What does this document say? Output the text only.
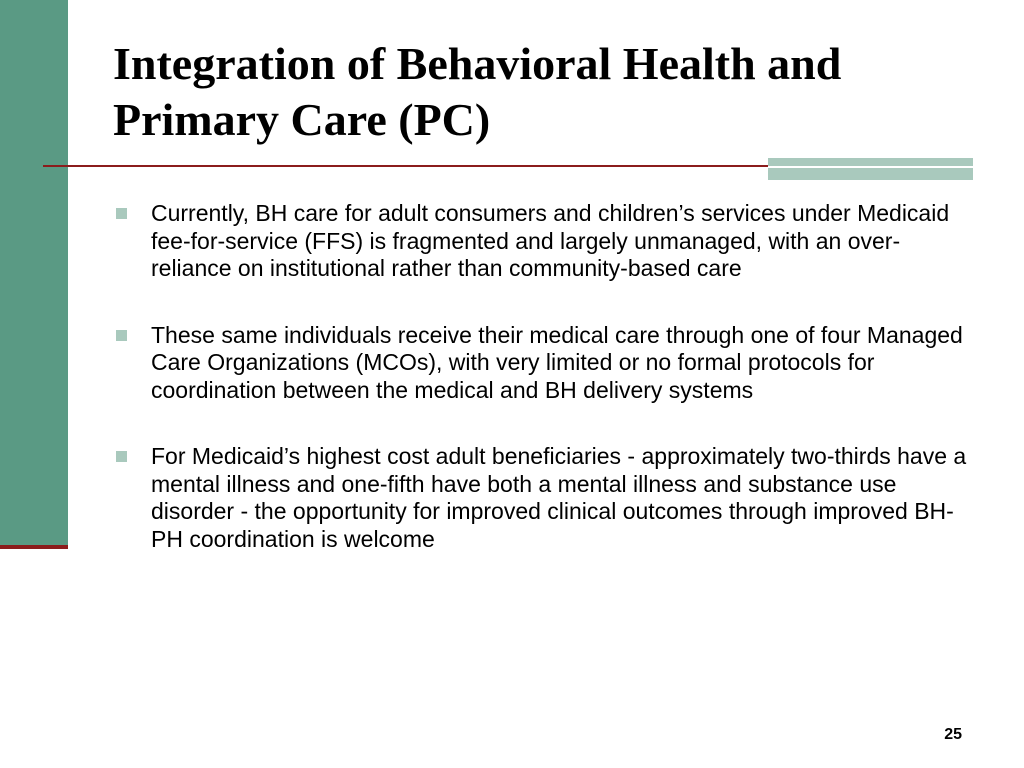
Integration of Behavioral Health and Primary Care (PC)
Currently, BH care for adult consumers and children’s services under Medicaid fee-for-service (FFS) is fragmented and largely unmanaged, with an over-reliance on institutional rather than community-based care
These same individuals receive their medical care through one of four Managed Care Organizations (MCOs), with very limited or no formal protocols for coordination between the medical and BH delivery systems
For Medicaid’s highest cost adult beneficiaries - approximately two-thirds have a mental illness and one-fifth have both a mental illness and substance use disorder - the opportunity for improved clinical outcomes through improved BH-PH coordination is welcome
25
